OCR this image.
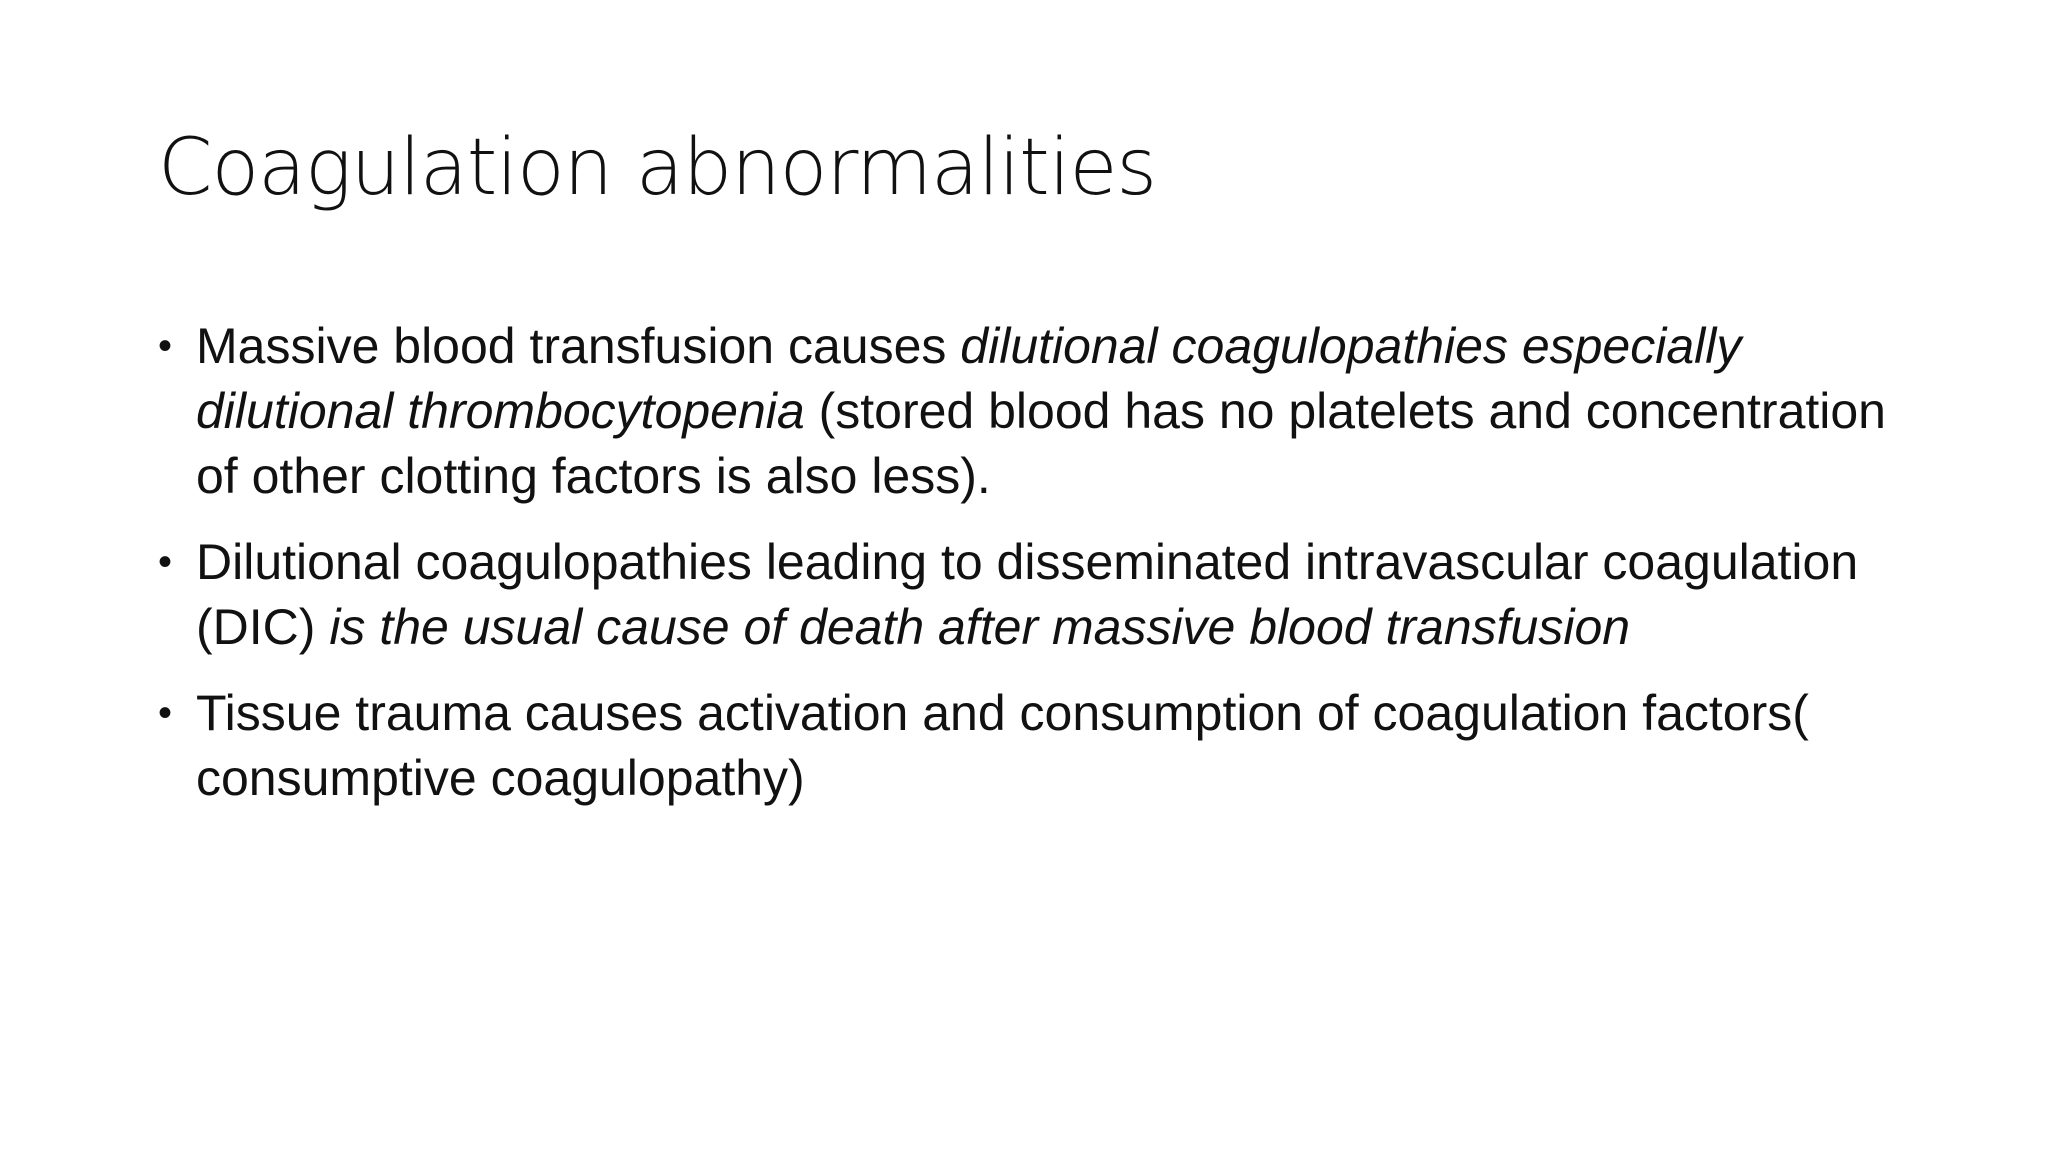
Coagulation abnormalities
• Massive blood transfusion causes dilutional coagulopathies especially dilutional thrombocytopenia (stored blood has no platelets and concentration of other clotting factors is also less).
• Dilutional coagulopathies leading to disseminated intravascular coagulation (DIC) is the usual cause of death after massive blood transfusion
• Tissue trauma causes activation and consumption of coagulation factors( consumptive coagulopathy)
